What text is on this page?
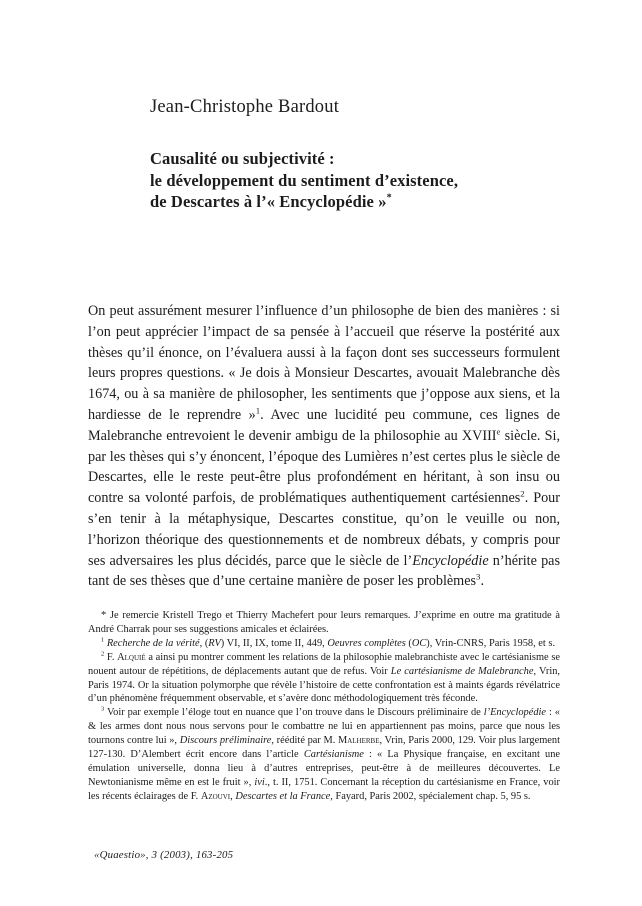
Jean-Christophe Bardout
Causalité ou subjectivité :
le développement du sentiment d’existence,
de Descartes à l’« Encyclopédie »*
On peut assurément mesurer l’influence d’un philosophe de bien des manières : si l’on peut apprécier l’impact de sa pensée à l’accueil que réserve la postérité aux thèses qu’il énonce, on l’évaluera aussi à la façon dont ses successeurs formulent leurs propres questions. « Je dois à Monsieur Descartes, avouait Malebranche dès 1674, ou à sa manière de philosopher, les sentiments que j’oppose aux siens, et la hardiesse de le reprendre »$^1$. Avec une lucidité peu commune, ces lignes de Malebranche entrevoient le devenir ambigu de la philosophie au XVIIIe siècle. Si, par les thèses qui s’y énoncent, l’époque des Lumières n’est certes plus le siècle de Descartes, elle le reste peut-être plus profondément en héritant, à son insu ou contre sa volonté parfois, de problématiques authentiquement cartésiennes$^2$. Pour s’en tenir à la métaphysique, Descartes constitue, qu’on le veuille ou non, l’horizon théorique des questionnements et de nombreux débats, y compris pour ses adversaires les plus décidés, parce que le siècle de l’Encyclopédie n’hérite pas tant de ses thèses que d’une certaine manière de poser les problèmes$^3$.

* Je remercie Kristell Trego et Thierry Machefert pour leurs remarques. J’exprime en outre ma gratitude à André Charrak pour ses suggestions amicales et éclairées.

$^1$ Recherche de la vérité, (RV) VI, II, IX, tome II, 449, Oeuvres complètes (OC), Vrin-CNRS, Paris 1958, et s.

$^2$ F. Alquié a ainsi pu montrer comment les relations de la philosophie malebranchiste avec le cartésianisme se nouent autour de répétitions, de déplacements autant que de refus. Voir Le cartésianisme de Malebranche, Vrin, Paris 1974. Or la situation polymorphe que révèle l’histoire de cette confrontation est à maints égards révélatrice d’un phénomène fréquemment observable, et s’avère donc méthodologiquement très féconde.

$^3$ Voir par exemple l’éloge tout en nuance que l’on trouve dans le Discours préliminaire de l’Encyclopédie : « & les armes dont nous nous servons pour le combattre ne lui en appartiennent pas moins, parce que nous les tournons contre lui », Discours préliminaire, réédité par M. Malherbe, Vrin, Paris 2000, 129. Voir plus largement 127-130. D’Alembert écrit encore dans l’article Cartésianisme : « La Physique française, en excitant une émulation universelle, donna lieu à d’autres entreprises, peut-être à de meilleures découvertes. Le Newtonianisme même en est le fruit », ivi., t. II, 1751. Concernant la réception du cartésianisme en France, voir les récents éclairages de F. Azouvi, Descartes et la France, Fayard, Paris 2002, spécialement chap. 5, 95 s.

«Quaestio», 3 (2003), 163-205
